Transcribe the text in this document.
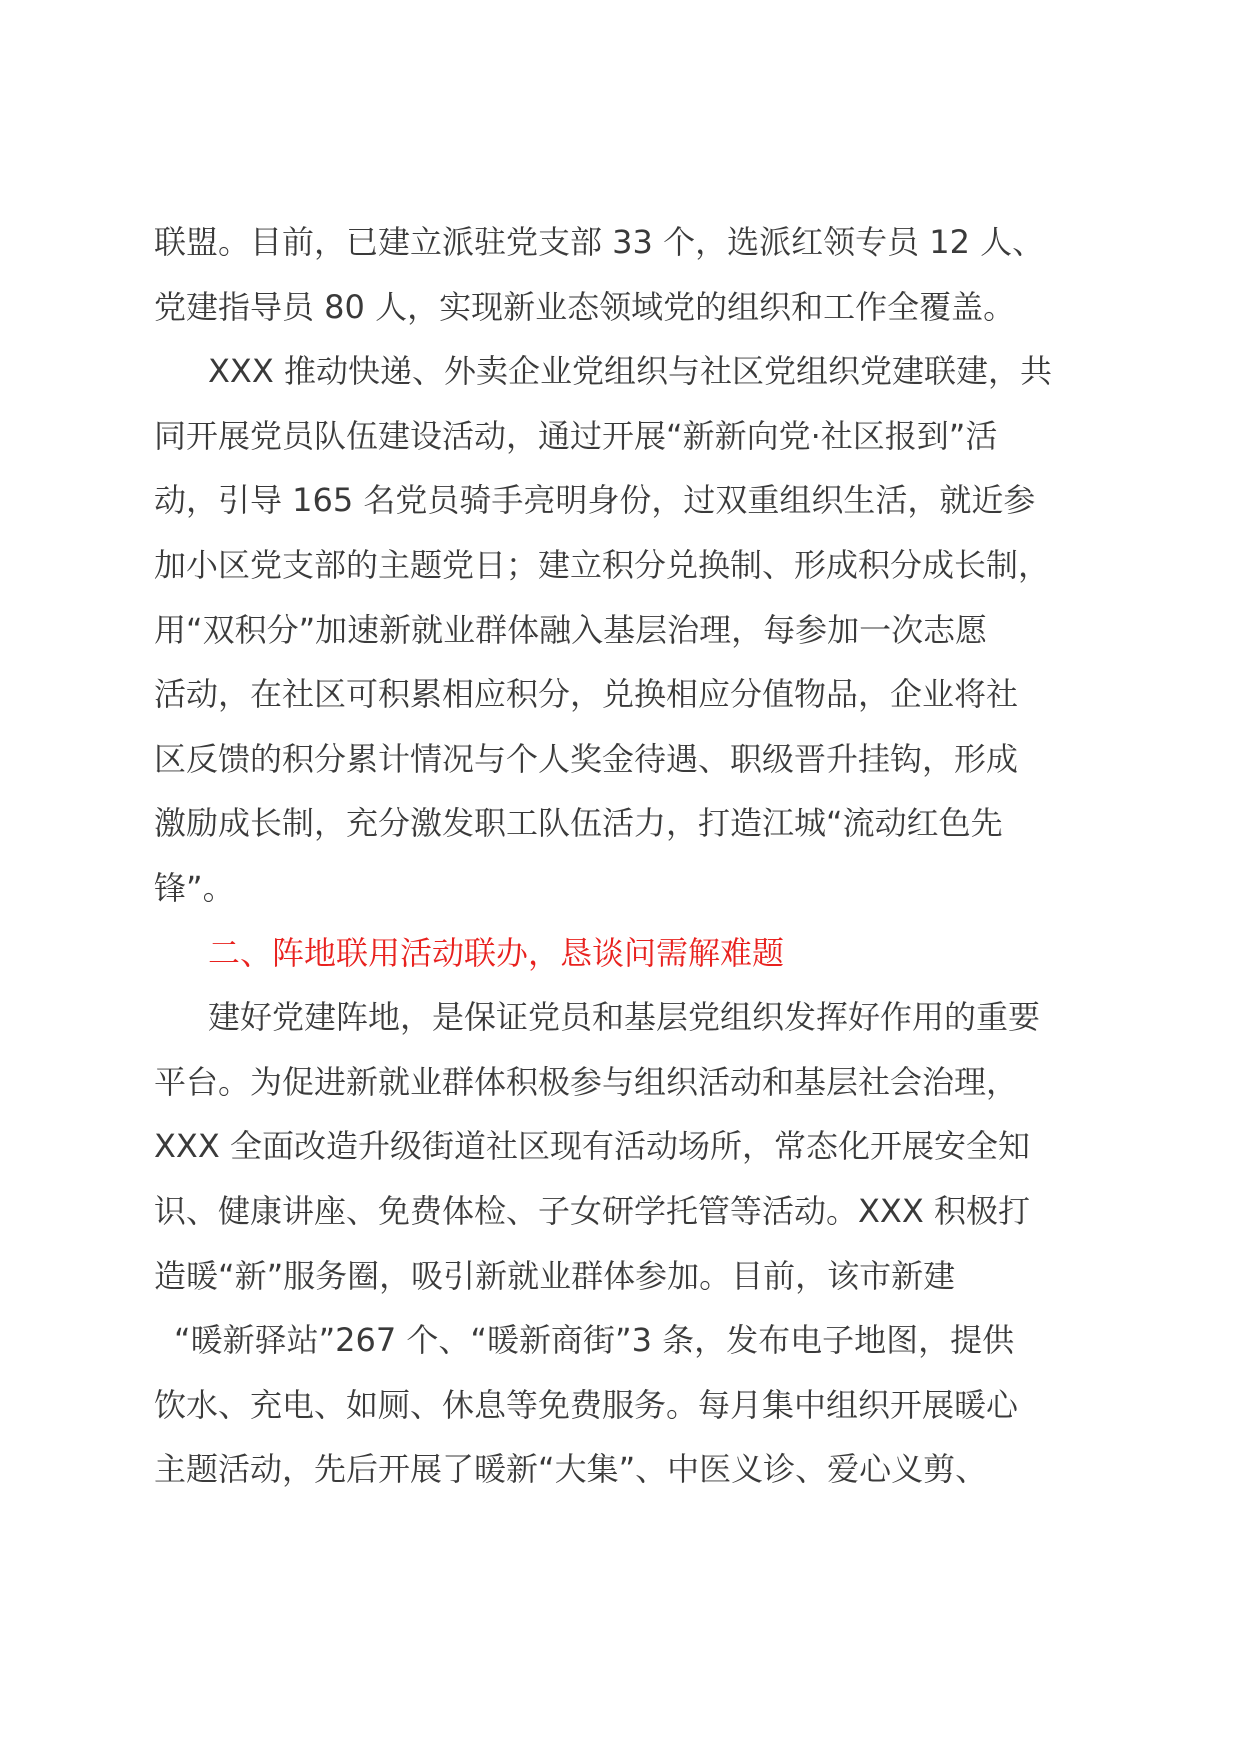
联盟。目前，已建立派驻党支部 33 个，选派红领专员 12 人、
党建指导员 80 人，实现新业态领域党的组织和工作全覆盖。
XXX 推动快递、外卖企业党组织与社区党组织党建联建，共
同开展党员队伍建设活动，通过开展“新新向党·社区报到”活
动，引导 165 名党员骑手亮明身份，过双重组织生活，就近参
加小区党支部的主题党日；建立积分兑换制、形成积分成长制，
用“双积分”加速新就业群体融入基层治理，每参加一次志愿
活动，在社区可积累相应积分，兑换相应分值物品，企业将社
区反馈的积分累计情况与个人奖金待遇、职级晋升挂钩，形成
激励成长制，充分激发职工队伍活力，打造江城“流动红色先
锋”。
二、阵地联用活动联办，恳谈问需解难题
建好党建阵地，是保证党员和基层党组织发挥好作用的重要
平台。为促进新就业群体积极参与组织活动和基层社会治理，
XXX 全面改造升级街道社区现有活动场所，常态化开展安全知
识、健康讲座、免费体检、子女研学托管等活动。XXX 积极打
造暖“新”服务圈，吸引新就业群体参加。目前，该市新建
“暖新驿站”267 个、“暖新商街”3 条，发布电子地图，提供
饮水、充电、如厕、休息等免费服务。每月集中组织开展暖心
主题活动，先后开展了暖新“大集”、中医义诊、爱心义剪、
